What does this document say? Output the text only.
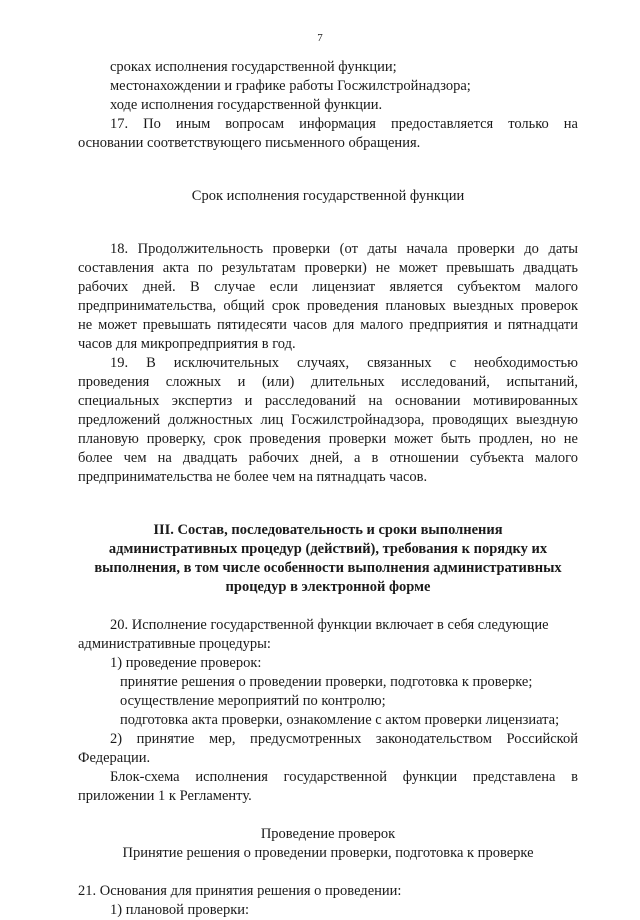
7
сроках исполнения государственной функции;
местонахождении и графике работы Госжилстройнадзора;
ходе исполнения государственной функции.
17. По иным вопросам информация предоставляется только на
основании соответствующего письменного обращения.
Срок исполнения государственной функции
18. Продолжительность проверки (от даты начала проверки до даты
составления акта по результатам проверки) не может превышать двадцать
рабочих дней. В случае если лицензиат является субъектом малого
предпринимательства, общий срок проведения плановых выездных проверок
не может превышать пятидесяти часов для малого предприятия и пятнадцати
часов для микропредприятия в год.
19. В исключительных случаях, связанных с необходимостью
проведения сложных и (или) длительных исследований, испытаний,
специальных экспертиз и расследований на основании мотивированных
предложений должностных лиц Госжилстройнадзора, проводящих выездную
плановую проверку, срок проведения проверки может быть продлен, но не
более чем на двадцать рабочих дней, а в отношении субъекта малого
предпринимательства не более чем на пятнадцать часов.
III. Состав, последовательность и сроки выполнения
административных процедур (действий), требования к порядку их
выполнения, в том числе особенности выполнения административных
процедур в электронной форме
20. Исполнение государственной функции включает в себя следующие
административные процедуры:
1) проведение проверок:
принятие решения о проведении проверки, подготовка к проверке;
осуществление мероприятий по контролю;
подготовка акта проверки, ознакомление с актом проверки лицензиата;
2) принятие мер, предусмотренных законодательством Российской
Федерации.
Блок-схема исполнения государственной функции представлена в
приложении 1 к Регламенту.
Проведение проверок
Принятие решения о проведении проверки, подготовка к проверке
21. Основания для принятия решения о проведении:
1) плановой проверки:
